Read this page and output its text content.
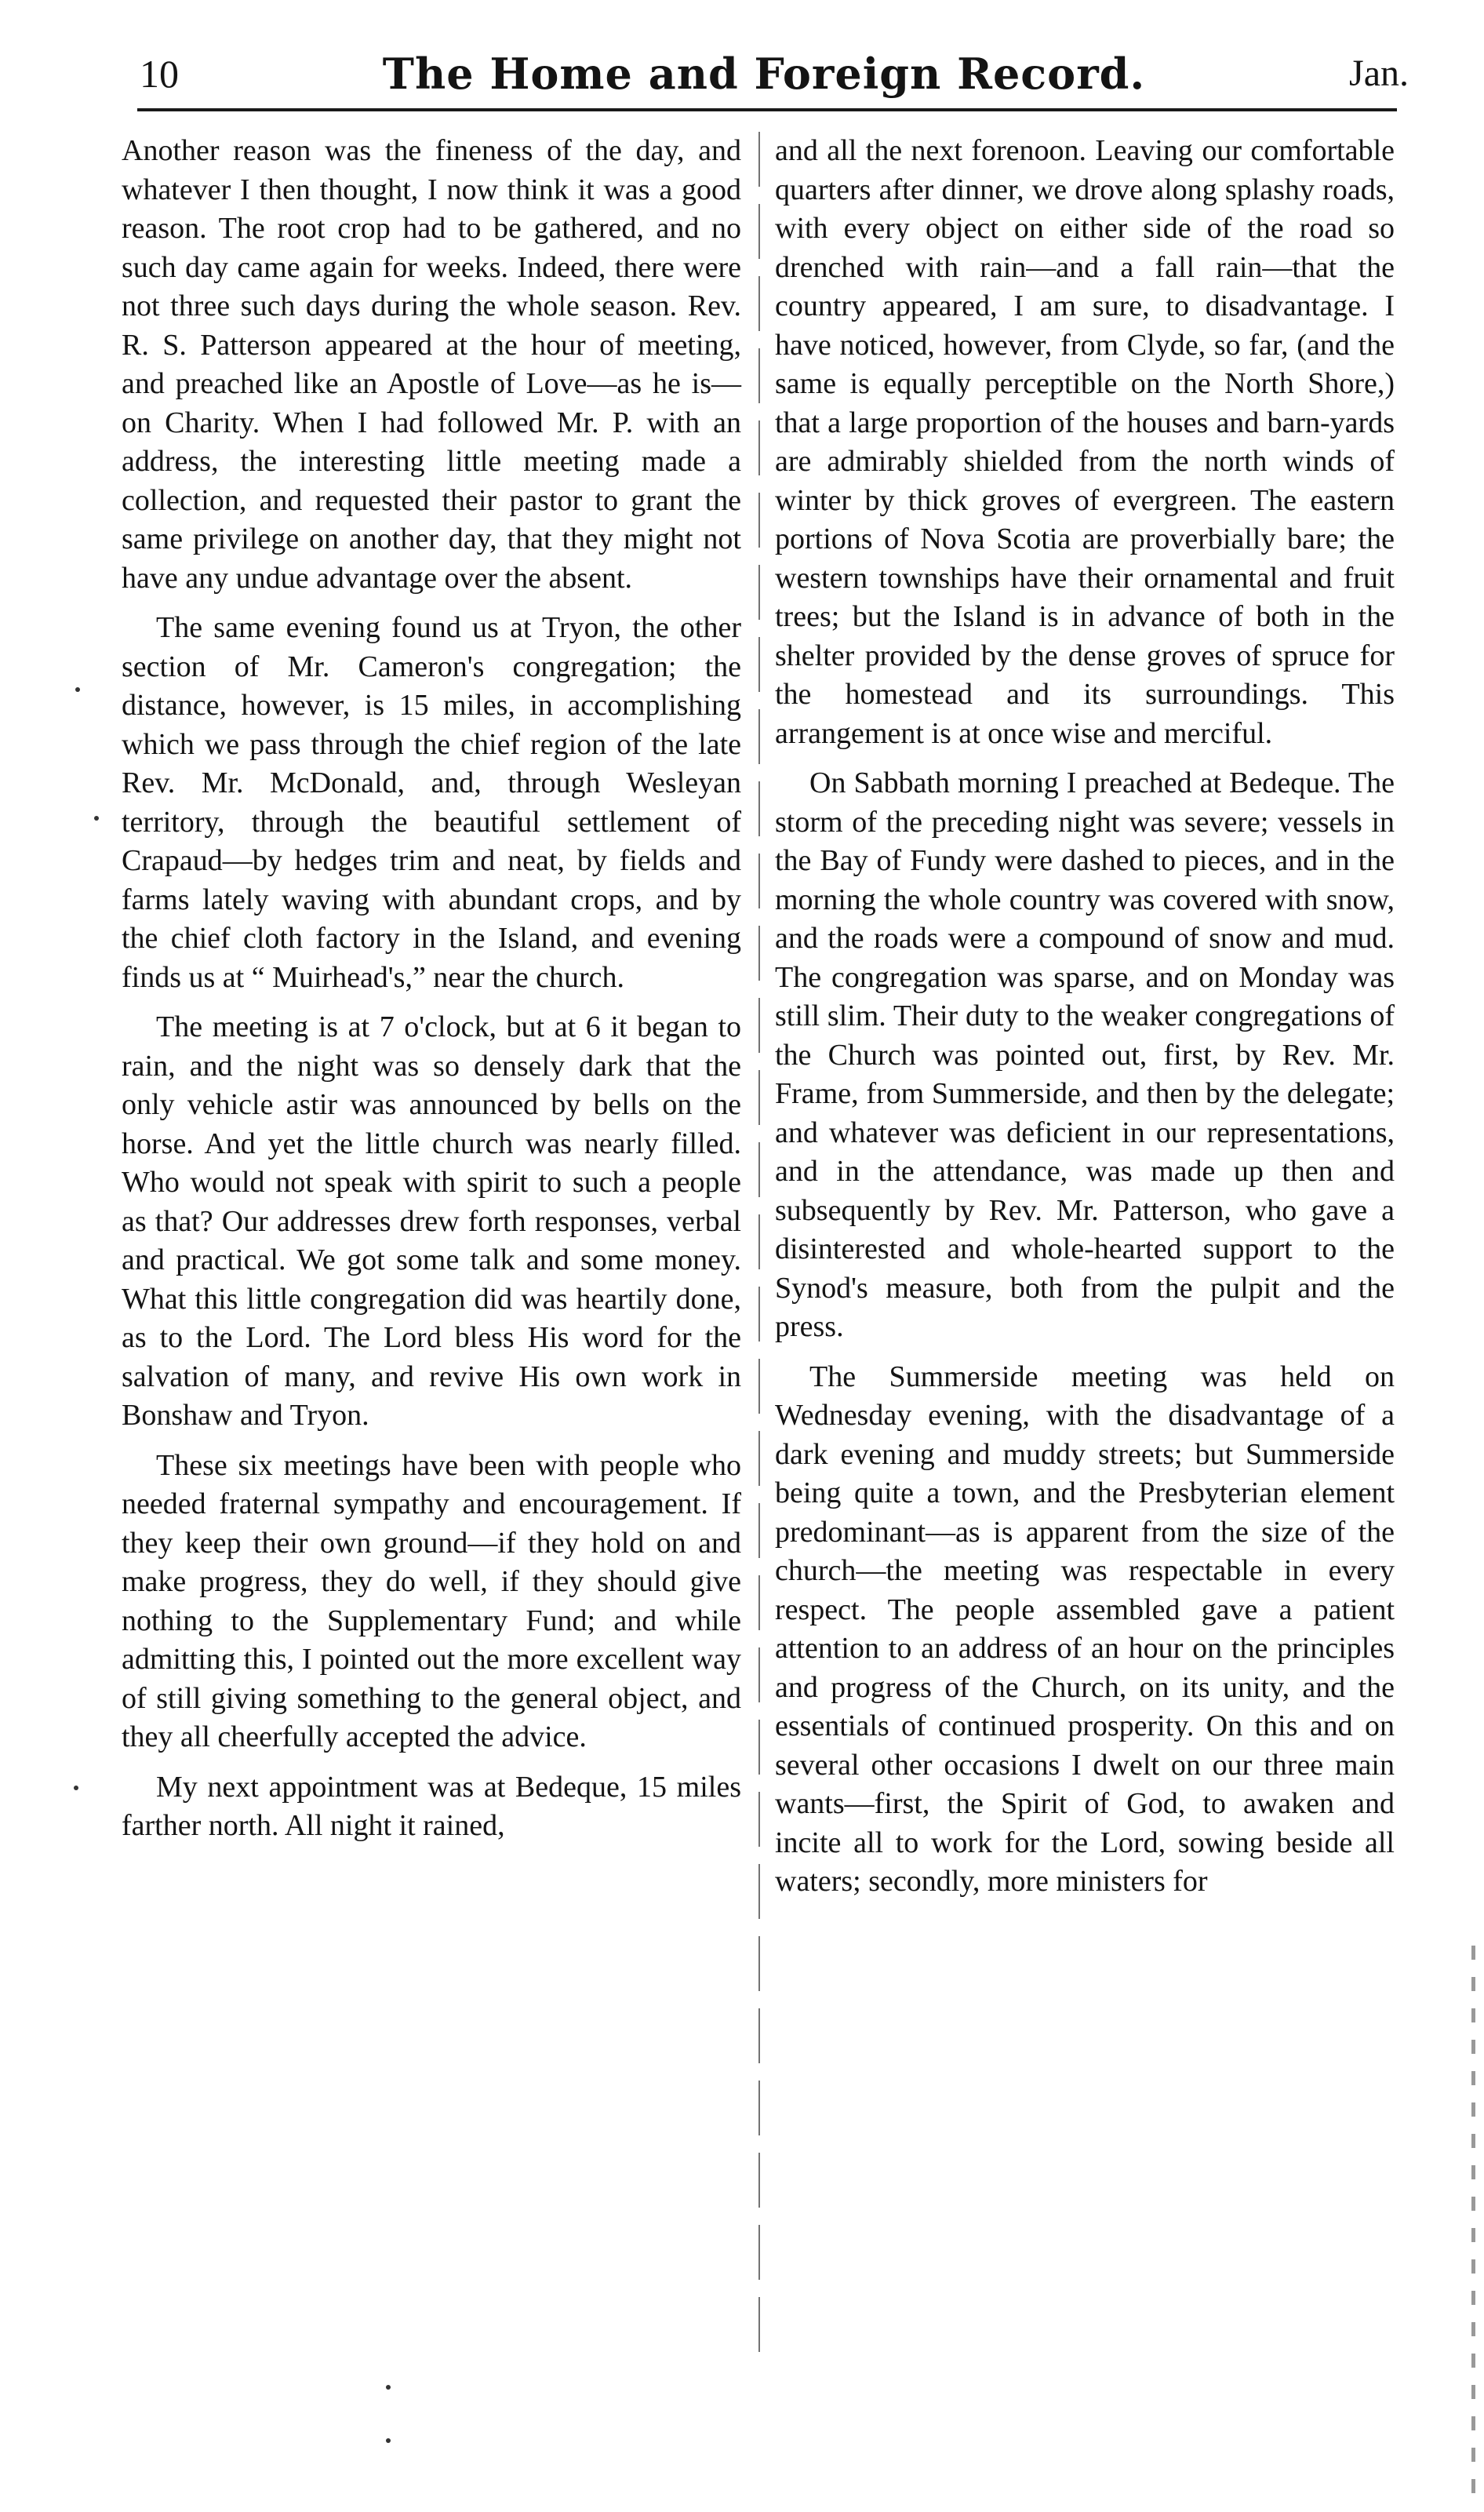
10	The Home and Foreign Record.	Jan.

Another reason was the fineness of the day, and whatever I then thought, I now think it was a good reason. The root crop had to be gathered, and no such day came again for weeks. Indeed, there were not three such days during the whole season. Rev. R. S. Patterson appeared at the hour of meeting, and preached like an Apostle of Love—as he is—on Charity. When I had followed Mr. P. with an address, the interesting little meeting made a collection, and requested their pastor to grant the same privilege on another day, that they might not have any undue advantage over the absent.

The same evening found us at Tryon, the other section of Mr. Cameron's congregation; the distance, however, is 15 miles, in accomplishing which we pass through the chief region of the late Rev. Mr. McDonald, and, through Wesleyan territory, through the beautiful settlement of Crapaud—by hedges trim and neat, by fields and farms lately waving with abundant crops, and by the chief cloth factory in the Island, and evening finds us at “ Muirhead's,” near the church.

The meeting is at 7 o'clock, but at 6 it began to rain, and the night was so densely dark that the only vehicle astir was announced by bells on the horse. And yet the little church was nearly filled. Who would not speak with spirit to such a people as that? Our addresses drew forth responses, verbal and practical. We got some talk and some money. What this little congregation did was heartily done, as to the Lord. The Lord bless His word for the salvation of many, and revive His own work in Bonshaw and Tryon.

These six meetings have been with people who needed fraternal sympathy and encouragement. If they keep their own ground—if they hold on and make progress, they do well, if they should give nothing to the Supplementary Fund; and while admitting this, I pointed out the more excellent way of still giving something to the general object, and they all cheerfully accepted the advice.

My next appointment was at Bedeque, 15 miles farther north. All night it rained,

and all the next forenoon. Leaving our comfortable quarters after dinner, we drove along splashy roads, with every object on either side of the road so drenched with rain—and a fall rain—that the country appeared, I am sure, to disadvantage. I have noticed, however, from Clyde, so far, (and the same is equally perceptible on the North Shore,) that a large proportion of the houses and barn-yards are admirably shielded from the north winds of winter by thick groves of evergreen. The eastern portions of Nova Scotia are proverbially bare; the western townships have their ornamental and fruit trees; but the Island is in advance of both in the shelter provided by the dense groves of spruce for the homestead and its surroundings. This arrangement is at once wise and merciful.

On Sabbath morning I preached at Bedeque. The storm of the preceding night was severe; vessels in the Bay of Fundy were dashed to pieces, and in the morning the whole country was covered with snow, and the roads were a compound of snow and mud. The congregation was sparse, and on Monday was still slim. Their duty to the weaker congregations of the Church was pointed out, first, by Rev. Mr. Frame, from Summerside, and then by the delegate; and whatever was deficient in our representations, and in the attendance, was made up then and subsequently by Rev. Mr. Patterson, who gave a disinterested and whole-hearted support to the Synod's measure, both from the pulpit and the press.

The Summerside meeting was held on Wednesday evening, with the disadvantage of a dark evening and muddy streets; but Summerside being quite a town, and the Presbyterian element predominant—as is apparent from the size of the church—the meeting was respectable in every respect. The people assembled gave a patient attention to an address of an hour on the principles and progress of the Church, on its unity, and the essentials of continued prosperity. On this and on several other occasions I dwelt on our three main wants—first, the Spirit of God, to awaken and incite all to work for the Lord, sowing beside all waters; secondly, more ministers for
